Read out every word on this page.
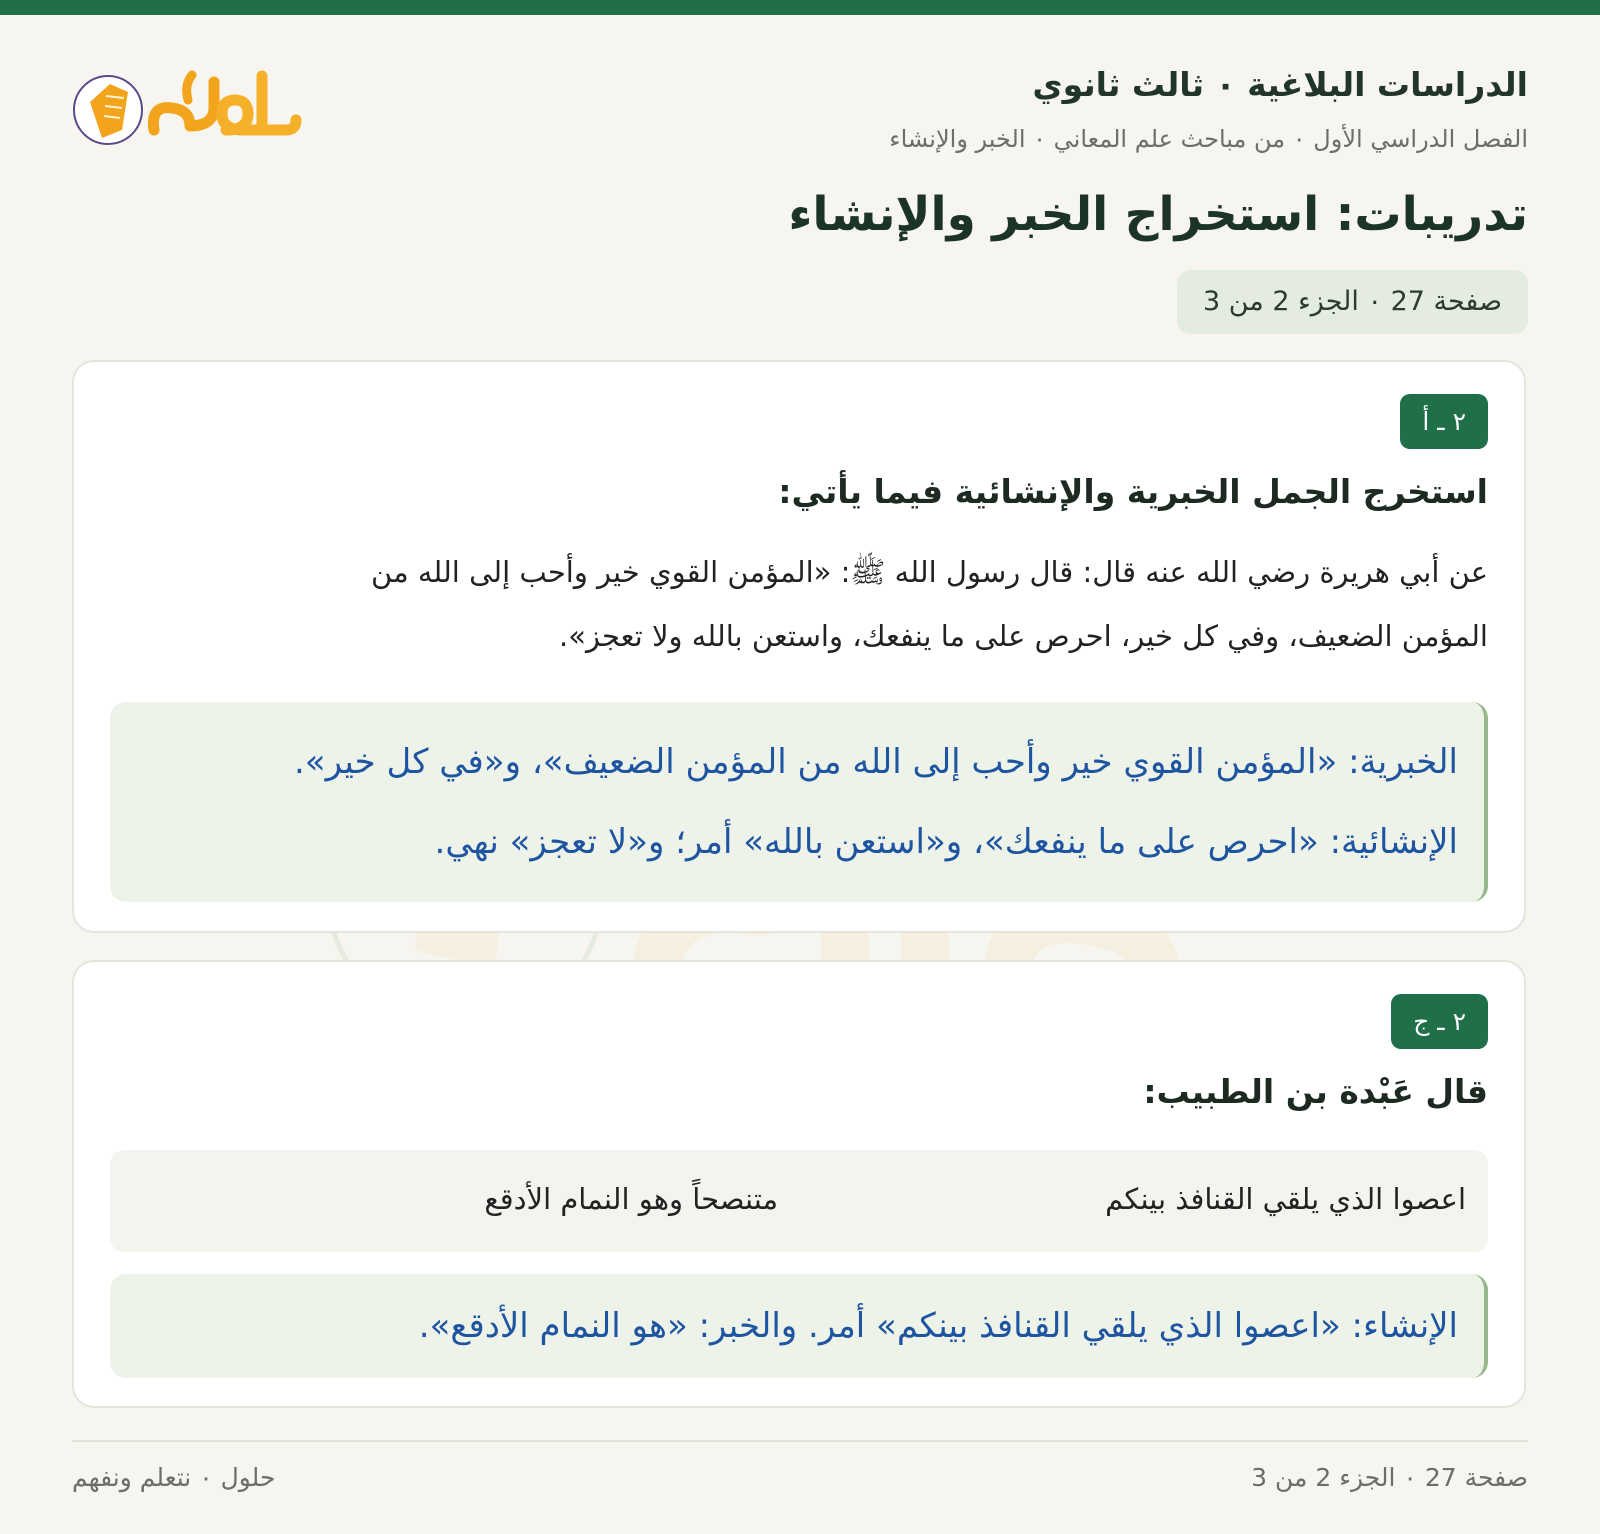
الدراسات البلاغية ٠ ثالث ثانوي
الفصل الدراسي الأول ٠ من مباحث علم المعاني ٠ الخبر والإنشاء
تدريبات: استخراج الخبر والإنشاء
صفحة 27 ٠ الجزء 2 من 3
٢ ـ أ
استخرج الجمل الخبرية والإنشائية فيما يأتي:
عن أبي هريرة رضي الله عنه قال: قال رسول الله ﷺ: «المؤمن القوي خير وأحب إلى الله من
المؤمن الضعيف، وفي كل خير، احرص على ما ينفعك، واستعن بالله ولا تعجز».
الخبرية: «المؤمن القوي خير وأحب إلى الله من المؤمن الضعيف»، و«في كل خير».
الإنشائية: «احرص على ما ينفعك»، و«استعن بالله» أمر؛ و«لا تعجز» نهي.
٢ ـ ج
قال عَبْدة بن الطبيب:
اعصوا الذي يلقي القنافذ بينكم
متنصحاً وهو النمام الأدقع
الإنشاء: «اعصوا الذي يلقي القنافذ بينكم» أمر. والخبر: «هو النمام الأدقع».
صفحة 27 ٠ الجزء 2 من 3
حلول ٠ نتعلم ونفهم
